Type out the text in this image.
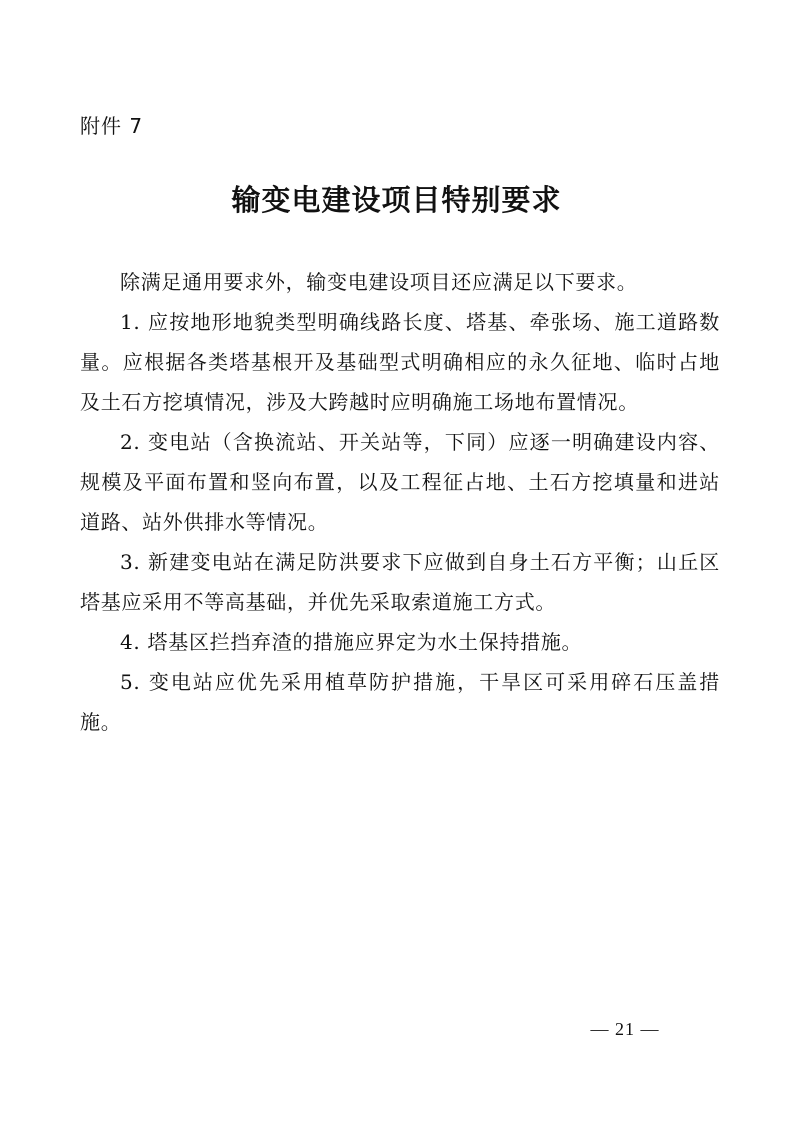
附件 7
输变电建设项目特别要求

除满足通用要求外，输变电建设项目还应满足以下要求。

1. 应按地形地貌类型明确线路长度、塔基、牵张场、施工道路数量。应根据各类塔基根开及基础型式明确相应的永久征地、临时占地及土石方挖填情况，涉及大跨越时应明确施工场地布置情况。

2. 变电站（含换流站、开关站等，下同）应逐一明确建设内容、规模及平面布置和竖向布置，以及工程征占地、土石方挖填量和进站道路、站外供排水等情况。

3. 新建变电站在满足防洪要求下应做到自身土石方平衡；山丘区塔基应采用不等高基础，并优先采取索道施工方式。

4. 塔基区拦挡弃渣的措施应界定为水土保持措施。

5. 变电站应优先采用植草防护措施，干旱区可采用碎石压盖措施。

— 21 —
